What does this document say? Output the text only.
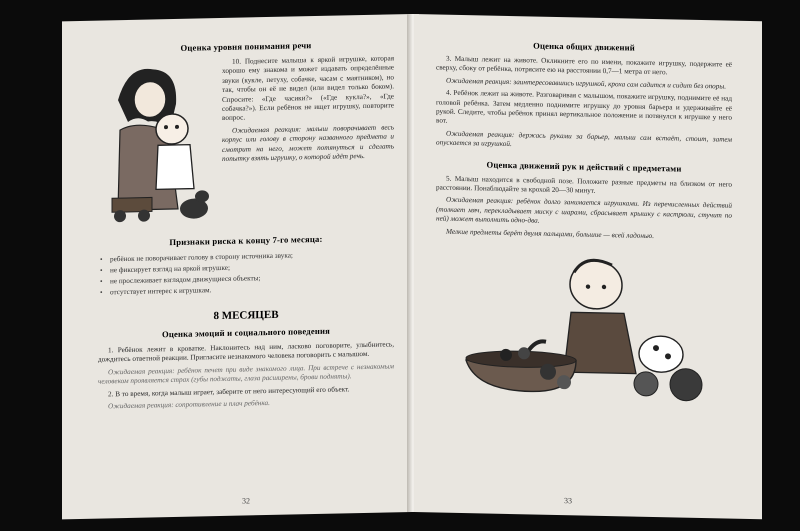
Оценка уровня понимания речи

10. Поднесите малыша к яркой игрушке, которая хорошо ему знакома и может издавать определённые звуки (кукле, петуху, собачке, часам с маятником), но так, чтобы он её не видел (или видел только боком). Спросите: «Где часики?» («Где кукла?», «Где собачка?»). Если ребёнок не ищет игрушку, повторите вопрос.

Ожидаемая реакция: малыш поворачивает весь корпус или голову в сторону названного предмета и смотрит на него, может потянуться и сделать попытку взять игрушку, о которой идёт речь.

Признаки риска к концу 7-го месяца:
• ребёнок не поворачивает голову в сторону источника звука;
• не фиксирует взгляд на яркой игрушке;
• не прослеживает взглядом движущиеся объекты;
• отсутствует интерес к игрушкам.
8 МЕСЯЦЕВ
Оценка эмоций и социального поведения

1. Ребёнок лежит в кроватке. Наклонитесь над ним, ласково поговорите, улыбнитесь, дождитесь ответной реакции. Пригласите незнакомого человека поговорить с малышом.

Ожидаемая реакция: ребёнок печет при виде знакомого лица. При встрече с незнакомым человеком проявляется страх (губы поджаты, глаза расширены, брови подняты).

2. В то время, когда малыш играет, заберите от него интересующий его объект.

Ожидаемая реакция: сопротивление и плач ребёнка.

32
Оценка общих движений

3. Малыш лежит на животе. Окликните его по имени, покажите игрушку, подержите её сверху, сбоку от ребёнка, потрясите ею на расстоянии 0,7—1 метра от него.

Ожидаемая реакция: заинтересовавшись игрушкой, кроха сам садится и сидит без опоры.

4. Ребёнок лежит на животе. Разговаривая с малышом, покажите игрушку, поднимите её над головой ребёнка. Затем медленно поднимите игрушку до уровня барьера и удерживайте её рукой. Следите, чтобы ребёнок принял вертикальное положение и потянулся к игрушке у него вот.

Ожидаемая реакция: держась руками за барьер, малыш сам встаёт, стоит, затем опускается за игрушкой.

Оценка движений рук и действий с предметами

5. Малыш находится в свободной позе. Положите разные предметы на близком от него расстоянии. Понаблюдайте за крохой 20—30 минут.

Ожидаемая реакция: ребёнок долго занимается игрушками. Из перечисленных действий (толкает мяч, перекладывает миску с шарами, сбрасывает крышку с кастрюли, стучит по ней) может выполнить одно-два.

Мелкие предметы берёт двумя пальцами, большие — всей ладонью.

33
